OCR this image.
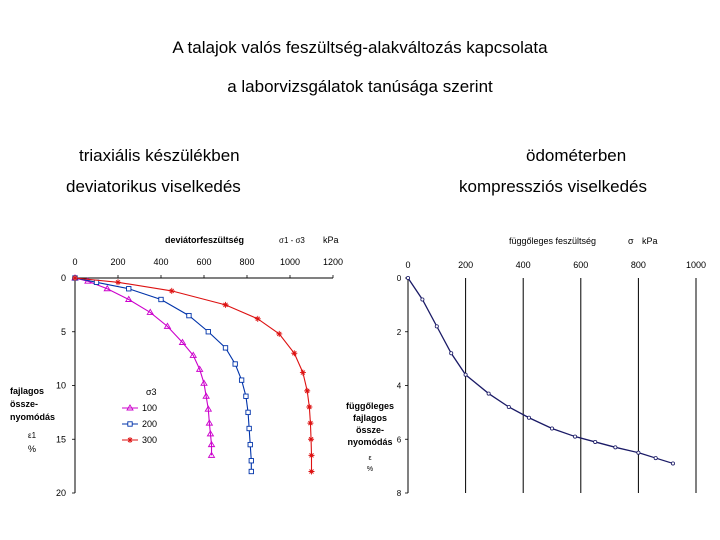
A talajok valós feszültség-alakváltozás kapcsolata
a laborvizsgálatok tanúsága szerint
triaxiális készülékben
deviatorikus viselkedés
ödométerben
kompressziós viselkedés
0	200	400	600	800	1000	1200
0
5
10
15
20
deviátorfeszültség	σ1 - σ3 kPa
fajlagos
össze-
nyomódás
ε1
%
σ3
100
200
300
0	200	400	600	800	1000
0
2
4
6
8
függőleges feszültség	σ kPa
függőleges
fajlagos
össze-
nyomódás
ε
%
